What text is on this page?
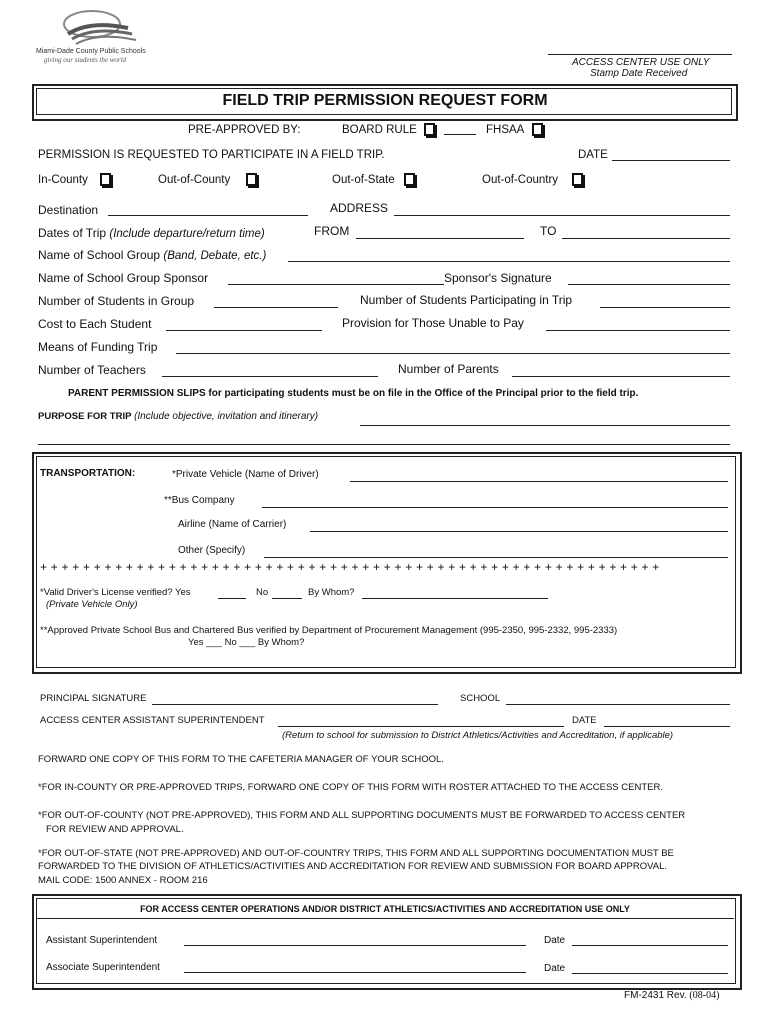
Miami-Dade County Public Schools
giving our students the world	ACCESS CENTER USE ONLY
Stamp Date Received
FIELD TRIP PERMISSION REQUEST FORM
PRE-APPROVED BY:	BOARD RULE	FHSAA
PERMISSION IS REQUESTED TO PARTICIPATE IN A FIELD TRIP.	DATE
In-County	Out-of-County	Out-of-State	Out-of-Country
Destination	ADDRESS
Dates of Trip (Include departure/return time)	FROM	TO
Name of School Group (Band, Debate, etc.)
Name of School Group Sponsor	Sponsor's Signature
Number of Students in Group	Number of Students Participating in Trip
Cost to Each Student	Provision for Those Unable to Pay
Means of Funding Trip
Number of Teachers	Number of Parents
PARENT PERMISSION SLIPS for participating students must be on file in the Office of the Principal prior to the field trip.
PURPOSE FOR TRIP (Include objective, invitation and itinerary)
TRANSPORTATION:	*Private Vehicle (Name of Driver)
**Bus Company
Airline (Name of Carrier)
Other (Specify)
+ + + + + + + + + + + + + + + + + + + + + + + + + + + + + + + + + + + + + + + + + + + + + + + + + + + + + + + + + +
*Valid Driver's License verified? Yes	No	By Whom?
(Private Vehicle Only)
**Approved Private School Bus and Chartered Bus verified by Department of Procurement Management (995-2350, 995-2332, 995-2333)
Yes ___ No ___ By Whom?
PRINCIPAL SIGNATURE	SCHOOL
ACCESS CENTER ASSISTANT SUPERINTENDENT	DATE
(Return to school for submission to District Athletics/Activities and Accreditation, if applicable)
FORWARD ONE COPY OF THIS FORM TO THE CAFETERIA MANAGER OF YOUR SCHOOL.
*FOR IN-COUNTY OR PRE-APPROVED TRIPS, FORWARD ONE COPY OF THIS FORM WITH ROSTER ATTACHED TO THE ACCESS CENTER.
*FOR OUT-OF-COUNTY (NOT PRE-APPROVED), THIS FORM AND ALL SUPPORTING DOCUMENTS MUST BE FORWARDED TO ACCESS CENTER
FOR REVIEW AND APPROVAL.
*FOR OUT-OF-STATE (NOT PRE-APPROVED) AND OUT-OF-COUNTRY TRIPS, THIS FORM AND ALL SUPPORTING DOCUMENTATION MUST BE
FORWARDED TO THE DIVISION OF ATHLETICS/ACTIVITIES AND ACCREDITATION FOR REVIEW AND SUBMISSION FOR BOARD APPROVAL.
MAIL CODE: 1500 ANNEX - ROOM 216
FOR ACCESS CENTER OPERATIONS AND/OR DISTRICT ATHLETICS/ACTIVITIES AND ACCREDITATION USE ONLY
Assistant Superintendent	Date
Associate Superintendent	Date
FM-2431 Rev. (08-04)
